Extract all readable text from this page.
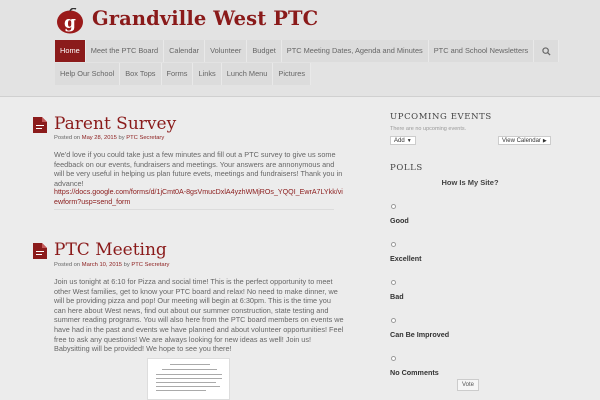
g Grandville West PTC
Home	Meet the PTC Board	Calendar	Volunteer	Budget	PTC Meeting Dates, Agenda and Minutes	PTC and School Newsletters
Help Our School	Box Tops	Forms	Links	Lunch Menu	Pictures
Parent Survey
Posted on May 28, 2015 by PTC Secretary
We'd love if you could take just a few minutes and fill out a PTC survey to give us some feedback on our events, fundraisers and meetings. Your answers are annonymous and will be very useful in helping us plan future evets, meetings and fundraisers! Thank you in advance!
https://docs.google.com/forms/d/1jCmt0A-8gsVmucDxlA4yzhWMjROs_YQQI_EwrA7LYkk/viewform?usp=send_form
PTC Meeting
Posted on March 10, 2015 by PTC Secretary
Join us tonight at 6:10 for Pizza and social time! This is the perfect opportunity to meet other West families, get to know your PTC board and relax! No need to make dinner, we will be providing pizza and pop! Our meeting will begin at 6:30pm. This is the time you can here about West news, find out about our summer construction, state testing and summer reading programs. You will also here from the PTC board members on events we have had in the past and events we have planned and about volunteer opportunities! Feel free to ask any questions! We are always looking for new ideas as well! Join us! Babysitting will be provided! We hope to see you there!
UPCOMING EVENTS
There are no upcoming events.
Add ▼	View Calendar ▶
POLLS
How Is My Site?
Good
Excellent
Bad
Can Be Improved
No Comments
Vote
